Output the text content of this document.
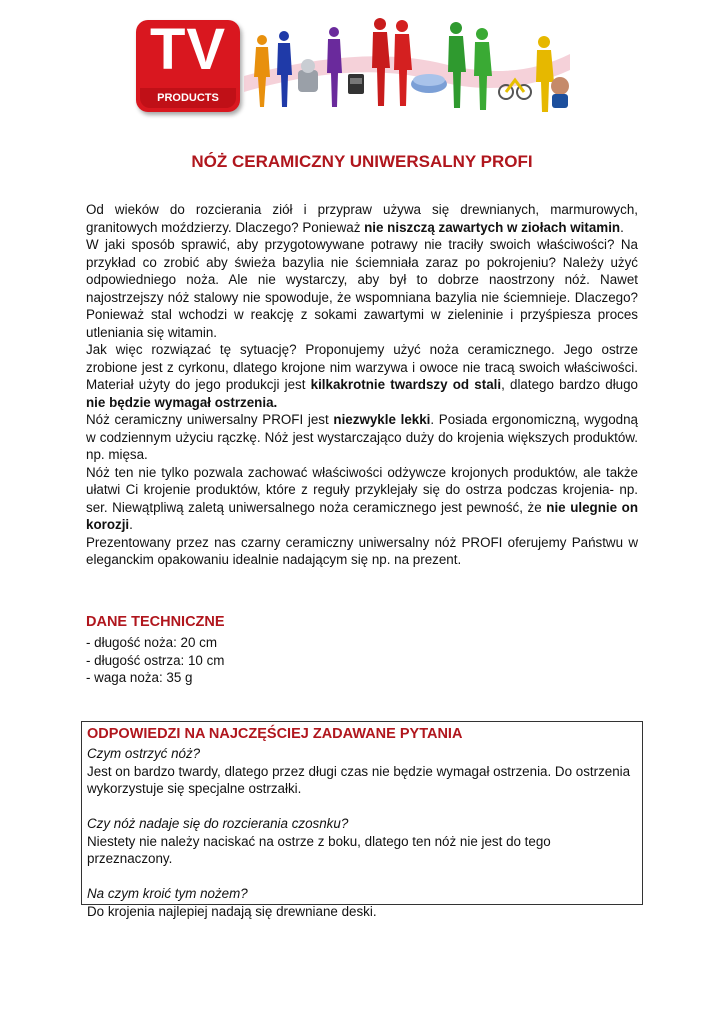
TV
PRODUCTS
NÓŻ CERAMICZNY UNIWERSALNY PROFI

Od wieków do rozcierania ziół i przypraw używa się drewnianych, marmurowych, granitowych moździerzy. Dlaczego? Ponieważ nie niszczą zawartych w ziołach witamin.

W jaki sposób sprawić, aby przygotowywane potrawy nie traciły swoich właściwości? Na przykład co zrobić aby świeża bazylia nie ściemniała zaraz po pokrojeniu? Należy użyć odpowiedniego noża. Ale nie wystarczy, aby był to dobrze naostrzony nóż. Nawet najostrzejszy nóż stalowy nie spowoduje, że wspomniana bazylia nie ściemnieje. Dlaczego? Ponieważ stal wchodzi w reakcję z sokami zawartymi w zieleninie i przyśpiesza proces utleniania się witamin.

Jak więc rozwiązać tę sytuację? Proponujemy użyć noża ceramicznego. Jego ostrze zrobione jest z cyrkonu, dlatego krojone nim warzywa i owoce nie tracą swoich właściwości. Materiał użyty do jego produkcji jest kilkakrotnie twardszy od stali, dlatego bardzo długo nie będzie wymagał ostrzenia.

Nóż ceramiczny uniwersalny PROFI jest niezwykle lekki. Posiada ergonomiczną, wygodną w codziennym użyciu rączkę. Nóż jest wystarczająco duży do krojenia większych produktów. np. mięsa.

Nóż ten nie tylko pozwala zachować właściwości odżywcze krojonych produktów, ale także ułatwi Ci krojenie produktów, które z reguły przyklejały się do ostrza podczas krojenia- np. ser. Niewątpliwą zaletą uniwersalnego noża ceramicznego jest pewność, że nie ulegnie on korozji.

Prezentowany przez nas czarny ceramiczny uniwersalny nóż PROFI oferujemy Państwu w eleganckim opakowaniu idealnie nadającym się np. na prezent.

DANE TECHNICZNE
- długość noża: 20 cm
- długość ostrza: 10 cm
- waga noża: 35 g
ODPOWIEDZI NA NAJCZĘŚCIEJ ZADAWANE PYTANIA
Czym ostrzyć nóż?
Jest on bardzo twardy, dlatego przez długi czas nie będzie wymagał ostrzenia. Do ostrzenia wykorzystuje się specjalne ostrzałki.
Czy nóż nadaje się do rozcierania czosnku?
Niestety nie należy naciskać na ostrze z boku, dlatego ten nóż nie jest do tego przeznaczony.
Na czym kroić tym nożem?
Do krojenia najlepiej nadają się drewniane deski.
